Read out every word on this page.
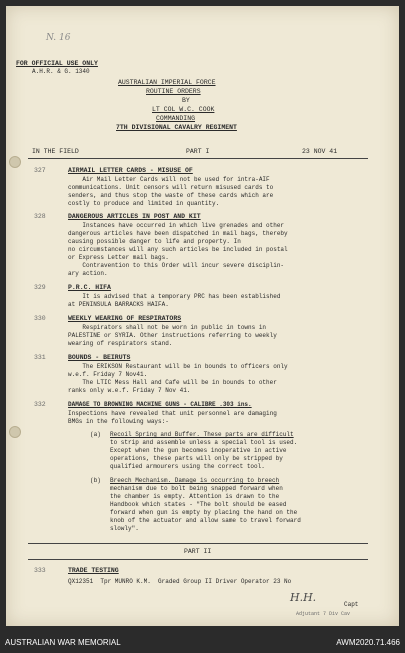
N. 16
FOR OFFICIAL USE ONLY
A.H.R. & G. 1340
AUSTRALIAN IMPERIAL FORCE
ROUTINE ORDERS
BY
LT COL W.C. COOK
COMMANDING
7TH DIVISIONAL CAVALRY REGIMENT
IN THE FIELD	PART I	23 NOV 41
327	AIRMAIL LETTER CARDS - MISUSE OF
Air Mail Letter Cards will not be used for intra-AIF
communications. Unit censors will return misused cards to
senders, and thus stop the waste of these cards which are
costly to produce and limited in quantity.
328	DANGEROUS ARTICLES IN POST AND KIT
Instances have occurred in which live grenades and other
dangerous articles have been dispatched in mail bags, thereby
causing possible danger to life and property. In
no circumstances will any such articles be included in postal
or Express Letter mail bags.
Contravention to this Order will incur severe disciplin-
ary action.
329	P.R.C. HIFA
It is advised that a temporary PRC has been established
at PENINSULA BARRACKS HAIFA.
330	WEEKLY WEARING OF RESPIRATORS
Respirators shall not be worn in public in towns in
PALESTINE or SYRIA. Other instructions referring to weekly
wearing of respirators stand.
331	BOUNDS - BEIRUTS
The ERIKSON Restaurant will be in bounds to officers only
w.e.f. Friday 7 Nov41.
The LTIC Mess Hall and Cafe will be in bounds to other
ranks only w.e.f. Friday 7 Nov 41.
332	DAMAGE TO BROWNING MACHINE GUNS - CALIBRE .303 ins.
Inspections have revealed that unit personnel are damaging
BMGs in the following ways:-
(a) Recoil Spring and Buffer. These parts are difficult
to strip and assemble unless a special tool is used.
Except when the gun becomes inoperative in active
operations, these parts will only be stripped by
qualified armourers using the correct tool.
(b) Breech Mechanism. Damage is occurring to breech
mechanism due to bolt being snapped forward when
the chamber is empty. Attention is drawn to the
Handbook which states - "The bolt should be eased
forward when gun is empty by placing the hand on the
knob of the actuator and allow same to travel forward
slowly".
PART II
333	TRADE TESTING
QX12351  Tpr MUNRO K.M.  Graded Group II Driver Operator 23 No
H.H.
Capt
Adjutant 7 Div Cav
AUSTRALIAN WAR MEMORIAL	AWM2020.71.466
